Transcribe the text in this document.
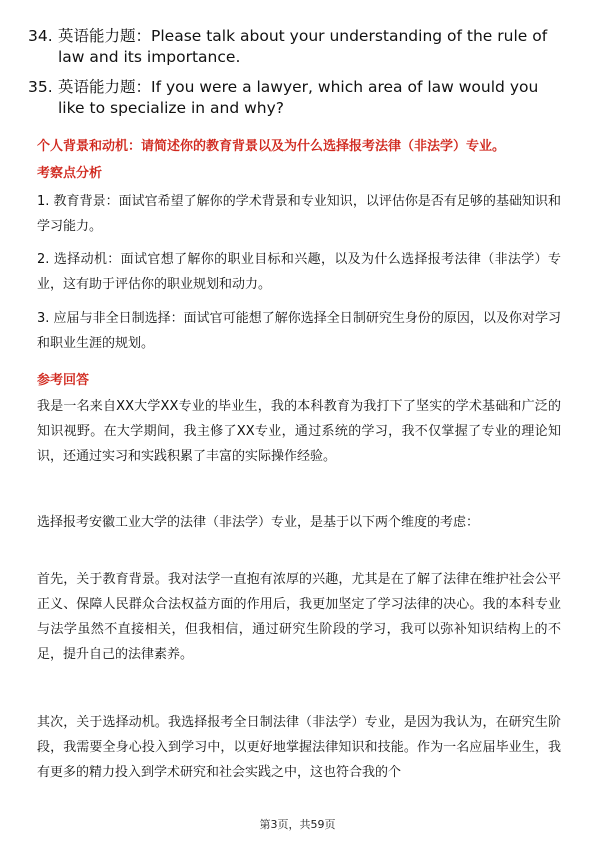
34. 英语能力题：Please talk about your understanding of the rule of
law and its importance.
35. 英语能力题：If you were a lawyer, which area of law would you
like to specialize in and why?
个人背景和动机：请简述你的教育背景以及为什么选择报考法律（非法学）专业。
考察点分析
1. 教育背景：面试官希望了解你的学术背景和专业知识，以评估你是否有足够的基础知识和学习能力。
2. 选择动机：面试官想了解你的职业目标和兴趣，以及为什么选择报考法律（非法学）专业，这有助于评估你的职业规划和动力。
3. 应届与非全日制选择：面试官可能想了解你选择全日制研究生身份的原因，以及你对学习和职业生涯的规划。
参考回答
我是一名来自XX大学XX专业的毕业生，我的本科教育为我打下了坚实的学术基础和广泛的知识视野。在大学期间，我主修了XX专业，通过系统的学习，我不仅掌握了专业的理论知识，还通过实习和实践积累了丰富的实际操作经验。
选择报考安徽工业大学的法律（非法学）专业，是基于以下两个维度的考虑：
首先，关于教育背景。我对法学一直抱有浓厚的兴趣，尤其是在了解了法律在维护社会公平正义、保障人民群众合法权益方面的作用后，我更加坚定了学习法律的决心。我的本科专业与法学虽然不直接相关，但我相信，通过研究生阶段的学习，我可以弥补知识结构上的不足，提升自己的法律素养。
其次，关于选择动机。我选择报考全日制法律（非法学）专业，是因为我认为，在研究生阶段，我需要全身心投入到学习中，以更好地掌握法律知识和技能。作为一名应届毕业生，我有更多的精力投入到学术研究和社会实践之中，这也符合我的个
第3页，共59页
